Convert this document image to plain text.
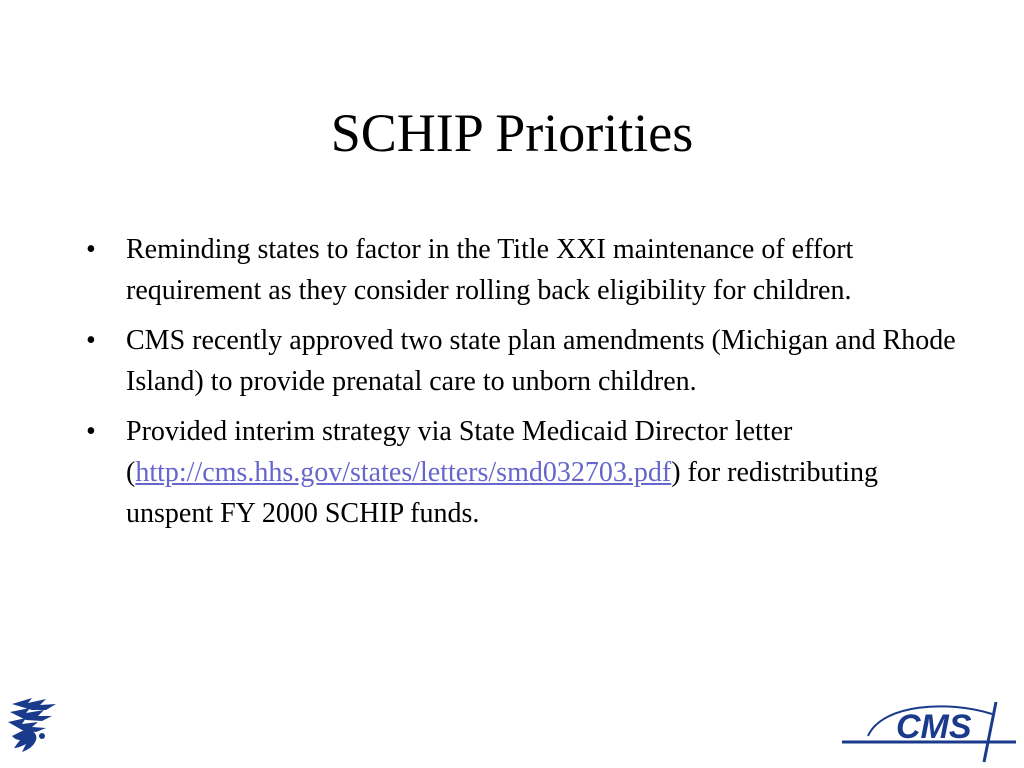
SCHIP Priorities
• Reminding states to factor in the Title XXI maintenance of effort requirement as they consider rolling back eligibility for children.
• CMS recently approved two state plan amendments (Michigan and Rhode Island) to provide prenatal care to unborn children.
• Provided interim strategy via State Medicaid Director letter (http://cms.hhs.gov/states/letters/smd032703.pdf) for redistributing unspent FY 2000 SCHIP funds.
CMS
